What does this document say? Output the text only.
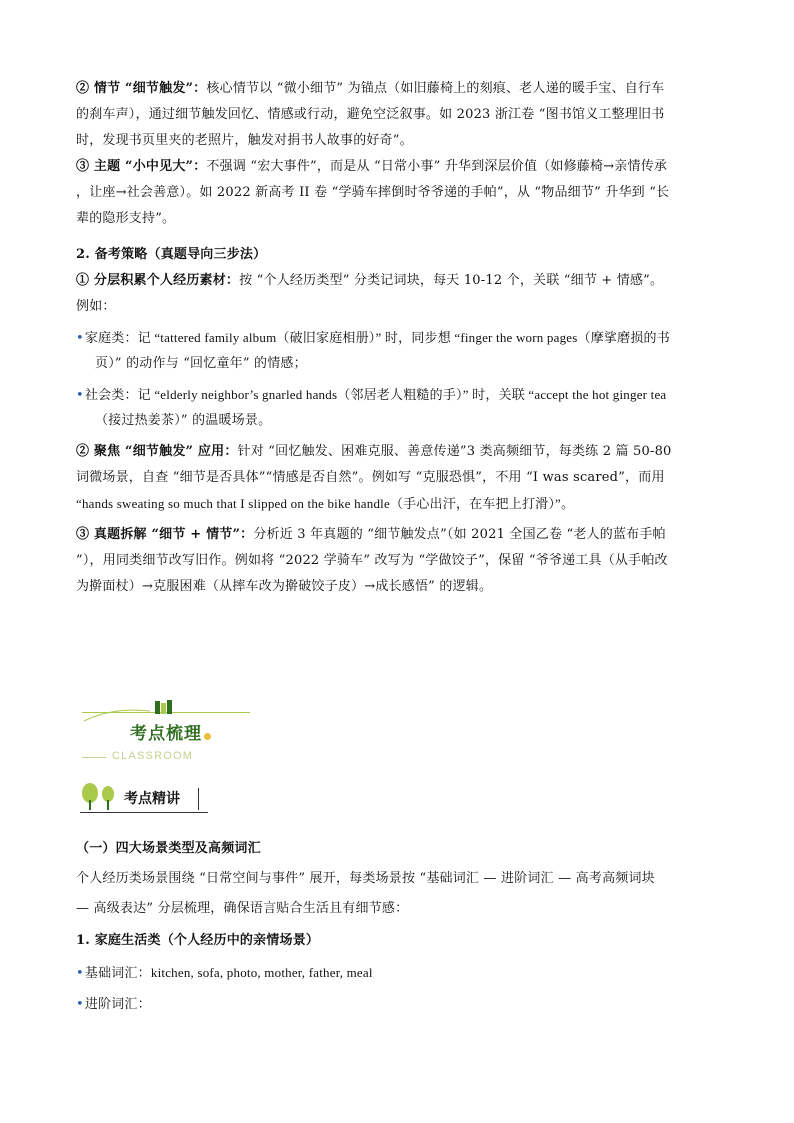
② 情节 “细节触发”：核心情节以 “微小细节” 为锚点（如旧藤椅上的刻痕、老人递的暖手宝、自行车
的刹车声），通过细节触发回忆、情感或行动，避免空泛叙事。如 2023 浙江卷 “图书馆义工整理旧书
时，发现书页里夹的老照片，触发对捐书人故事的好奇”。
③ 主题 “小中见大”：不强调 “宏大事件”，而是从 “日常小事” 升华到深层价值（如修藤椅→亲情传承
，让座→社会善意）。如 2022 新高考 II 卷 “学骑车摔倒时爷爷递的手帕”，从 “物品细节” 升华到 “长
辈的隐形支持”。
2. 备考策略（真题导向三步法）
① 分层积累个人经历素材：按 “个人经历类型” 分类记词块，每天 10-12 个，关联 “细节 + 情感”。
例如：
•家庭类：记 “tattered family album（破旧家庭相册）” 时，同步想 “finger the worn pages（摩挲磨损的书
页）” 的动作与 “回忆童年” 的情感；
•社会类：记 “elderly neighbor’s gnarled hands（邻居老人粗糙的手）” 时，关联 “accept the hot ginger tea
（接过热姜茶）” 的温暖场景。
② 聚焦 “细节触发” 应用：针对 “回忆触发、困难克服、善意传递”3 类高频细节，每类练 2 篇 50-80
词微场景，自查 “细节是否具体”“情感是否自然”。例如写 “克服恐惧”，不用 “I was scared”，而用
“hands sweating so much that I slipped on the bike handle（手心出汗，在车把上打滑）”。
③ 真题拆解 “细节 + 情节”：分析近 3 年真题的 “细节触发点”（如 2021 全国乙卷 “老人的蓝布手帕
”），用同类细节改写旧作。例如将 “2022 学骑车” 改写为 “学做饺子”，保留 “爷爷递工具（从手帕改
为擀面杖）→克服困难（从摔车改为擀破饺子皮）→成长感悟” 的逻辑。
考点梳理
CLASSROOM
考点精讲
（一）四大场景类型及高频词汇
个人经历类场景围绕 “日常空间与事件” 展开，每类场景按 “基础词汇 — 进阶词汇 — 高考高频词块
— 高级表达” 分层梳理，确保语言贴合生活且有细节感：
1. 家庭生活类（个人经历中的亲情场景）
•基础词汇：kitchen, sofa, photo, mother, father, meal
•进阶词汇：
